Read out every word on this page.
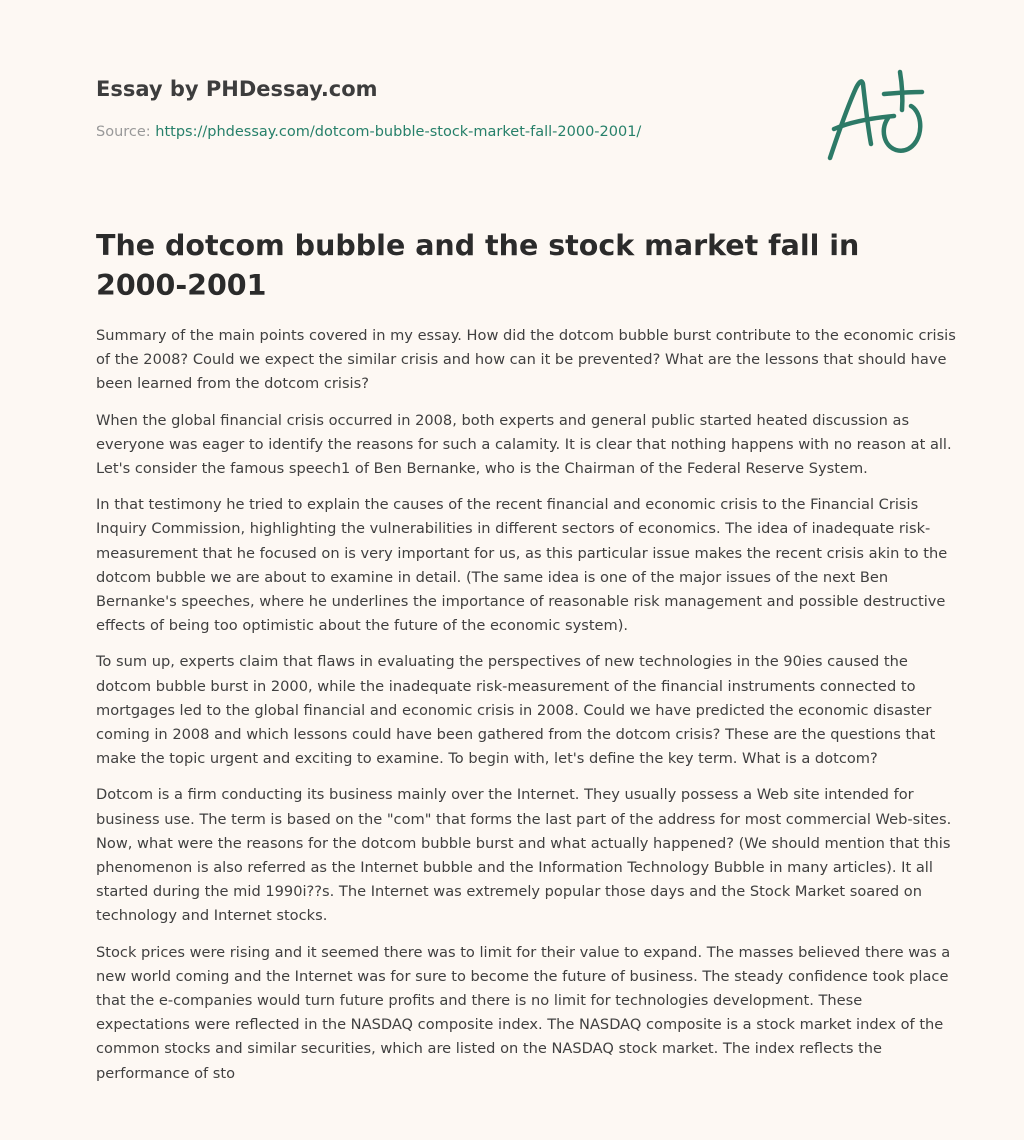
Essay by PHDessay.com
Source: https://phdessay.com/dotcom-bubble-stock-market-fall-2000-2001/
The dotcom bubble and the stock market fall in 2000-2001

Summary of the main points covered in my essay. How did the dotcom bubble burst contribute to the economic crisis of the 2008? Could we expect the similar crisis and how can it be prevented? What are the lessons that should have been learned from the dotcom crisis?

When the global financial crisis occurred in 2008, both experts and general public started heated discussion as everyone was eager to identify the reasons for such a calamity. It is clear that nothing happens with no reason at all. Let's consider the famous speech1 of Ben Bernanke, who is the Chairman of the Federal Reserve System.

In that testimony he tried to explain the causes of the recent financial and economic crisis to the Financial Crisis Inquiry Commission, highlighting the vulnerabilities in different sectors of economics. The idea of inadequate risk-measurement that he focused on is very important for us, as this particular issue makes the recent crisis akin to the dotcom bubble we are about to examine in detail. (The same idea is one of the major issues of the next Ben Bernanke's speeches, where he underlines the importance of reasonable risk management and possible destructive effects of being too optimistic about the future of the economic system).

To sum up, experts claim that flaws in evaluating the perspectives of new technologies in the 90ies caused the dotcom bubble burst in 2000, while the inadequate risk-measurement of the financial instruments connected to mortgages led to the global financial and economic crisis in 2008. Could we have predicted the economic disaster coming in 2008 and which lessons could have been gathered from the dotcom crisis? These are the questions that make the topic urgent and exciting to examine. To begin with, let's define the key term. What is a dotcom?

Dotcom is a firm conducting its business mainly over the Internet. They usually possess a Web site intended for business use. The term is based on the "com" that forms the last part of the address for most commercial Web-sites. Now, what were the reasons for the dotcom bubble burst and what actually happened? (We should mention that this phenomenon is also referred as the Internet bubble and the Information Technology Bubble in many articles). It all started during the mid 1990i??s. The Internet was extremely popular those days and the Stock Market soared on technology and Internet stocks.

Stock prices were rising and it seemed there was to limit for their value to expand. The masses believed there was a new world coming and the Internet was for sure to become the future of business. The steady confidence took place that the e-companies would turn future profits and there is no limit for technologies development. These expectations were reflected in the NASDAQ composite index. The NASDAQ composite is a stock market index of the common stocks and similar securities, which are listed on the NASDAQ stock market. The index reflects the performance of sto
